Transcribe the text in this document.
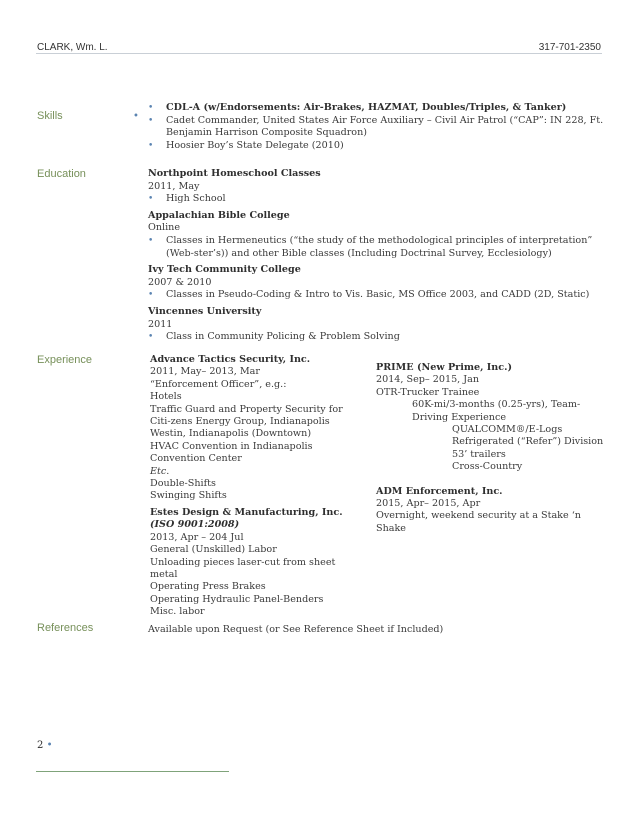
CLARK, Wm. L.	317-701-2350
Skills	•
• CDL-A (w/Endorsements: Air-Brakes, HAZMAT, Doubles/Triples, & Tanker)
• Cadet Commander, United States Air Force Auxiliary – Civil Air Patrol (“CAP”: IN 228, Ft. Benjamin Harrison Composite Squadron)
• Hoosier Boy’s State Delegate (2010)
Education	Northpoint Homeschool Classes
2011, May
• High School
Appalachian Bible College
Online
• Classes in Hermeneutics (“the study of the methodological principles of interpretation” (Web-ster’s)) and other Bible classes (Including Doctrinal Survey, Ecclesiology)
Ivy Tech Community College
2007 & 2010
• Classes in Pseudo-Coding & Intro to Vis. Basic, MS Office 2003, and CADD (2D, Static)
Vincennes University
2011
• Class in Community Policing & Problem Solving
Experience	Advance Tactics Security, Inc.
2011, May– 2013, Mar
“Enforcement Officer”, e.g.:
Hotels
Traffic Guard and Property Security for Citi-zens Energy Group, Indianapolis
Westin, Indianapolis (Downtown)
HVAC Convention in Indianapolis Convention Center
Etc.
Double-Shifts
Swinging Shifts
Estes Design & Manufacturing, Inc.
(ISO 9001:2008)
2013, Apr – 204 Jul
General (Unskilled) Labor
Unloading pieces laser-cut from sheet metal
Operating Press Brakes
Operating Hydraulic Panel-Benders
Misc. labor
PRIME (New Prime, Inc.)
2014, Sep– 2015, Jan
OTR-Trucker Trainee
60K-mi/3-months (0.25-yrs), Team-Driving Experience
QUALCOMM®/E-Logs
Refrigerated (“Refer”) Division
53’ trailers
Cross-Country
ADM Enforcement, Inc.
2015, Apr– 2015, Apr
Overnight, weekend security at a Stake ‘n Shake
References	Available upon Request (or See Reference Sheet if Included)
2 •
